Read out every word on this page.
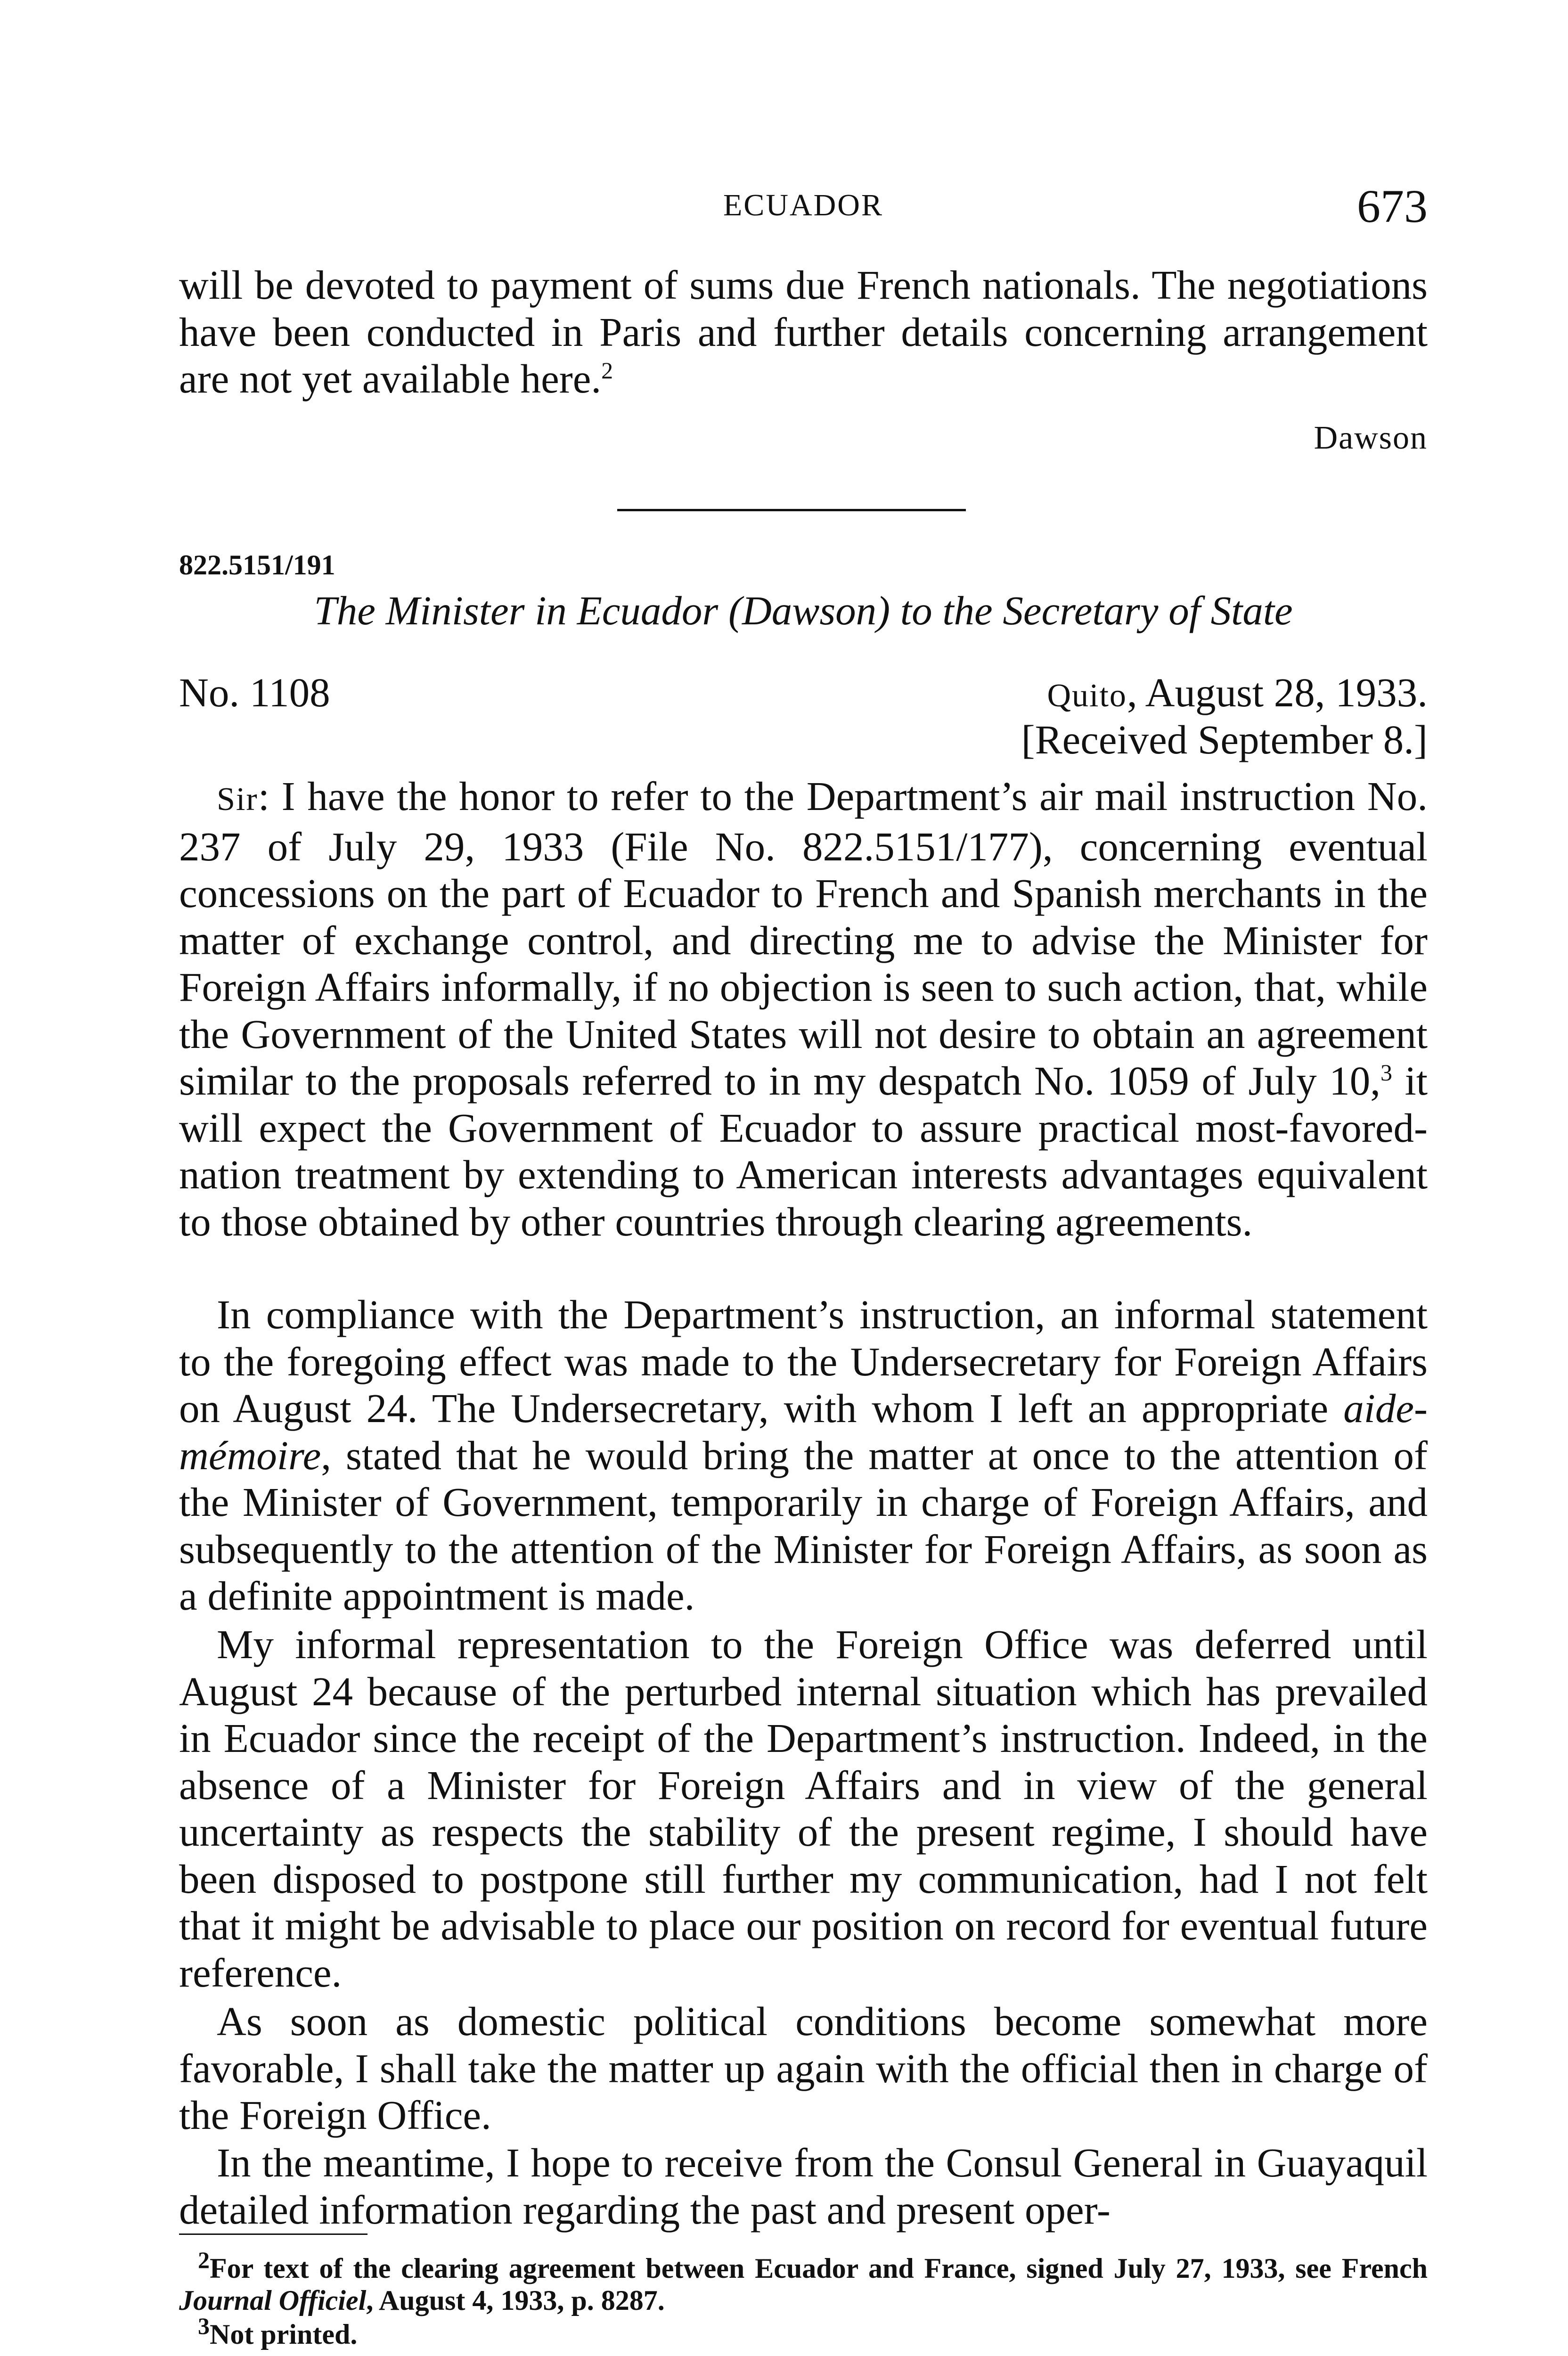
ECUADOR	673
will be devoted to payment of sums due French nationals. The negotiations have been conducted in Paris and further details concerning arrangement are not yet available here.$^2$
Dawson
822.5151/191
The Minister in Ecuador (Dawson) to the Secretary of State
No. 1108	Quito, August 28, 1933.
[Received September 8.]
Sir: I have the honor to refer to the Department’s air mail instruction No. 237 of July 29, 1933 (File No. 822.5151/177), concerning eventual concessions on the part of Ecuador to French and Spanish merchants in the matter of exchange control, and directing me to advise the Minister for Foreign Affairs informally, if no objection is seen to such action, that, while the Government of the United States will not desire to obtain an agreement similar to the proposals referred to in my despatch No. 1059 of July 10,$^3$ it will expect the Government of Ecuador to assure practical most-favored-nation treatment by extending to American interests advantages equivalent to those obtained by other countries through clearing agreements.
In compliance with the Department’s instruction, an informal statement to the foregoing effect was made to the Undersecretary for Foreign Affairs on August 24. The Undersecretary, with whom I left an appropriate aide-mémoire, stated that he would bring the matter at once to the attention of the Minister of Government, temporarily in charge of Foreign Affairs, and subsequently to the attention of the Minister for Foreign Affairs, as soon as a definite appointment is made.
My informal representation to the Foreign Office was deferred until August 24 because of the perturbed internal situation which has prevailed in Ecuador since the receipt of the Department’s instruction. Indeed, in the absence of a Minister for Foreign Affairs and in view of the general uncertainty as respects the stability of the present regime, I should have been disposed to postpone still further my communication, had I not felt that it might be advisable to place our position on record for eventual future reference.
As soon as domestic political conditions become somewhat more favorable, I shall take the matter up again with the official then in charge of the Foreign Office.
In the meantime, I hope to receive from the Consul General in Guayaquil detailed information regarding the past and present oper-
$^2$For text of the clearing agreement between Ecuador and France, signed July 27, 1933, see French Journal Officiel, August 4, 1933, p. 8287.
$^3$Not printed.
